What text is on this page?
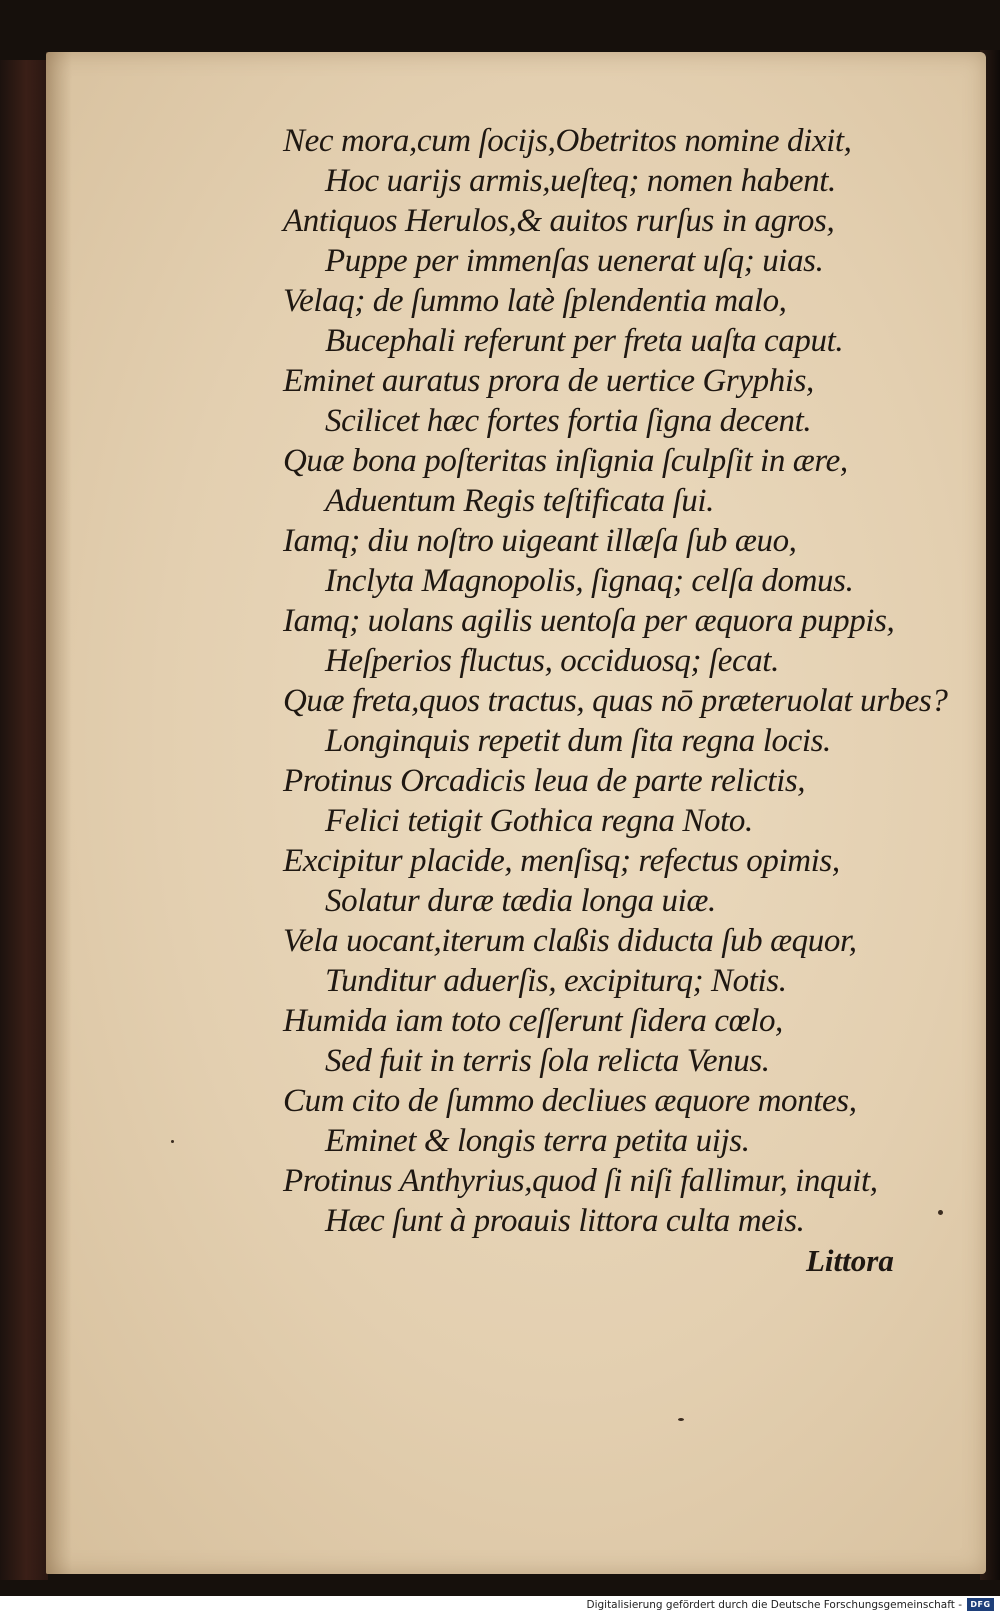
Nec mora,cum ſocijs,Obetritos nomine dixit,
Hoc uarijs armis,ueſteq; nomen habent.
Antiquos Herulos,& auitos rurſus in agros,
Puppe per immenſas uenerat uſq; uias.
Velaq; de ſummo latè ſplendentia malo,
Bucephali referunt per freta uaſta caput.
Eminet auratus prora de uertice Gryphis,
Scilicet hæc fortes fortia ſigna decent.
Quæ bona poſteritas inſignia ſculpſit in ære,
Aduentum Regis teſtificata ſui.
Iamq; diu noſtro uigeant illæſa ſub æuo,
Inclyta Magnopolis, ſignaq; celſa domus.
Iamq; uolans agilis uentoſa per æquora puppis,
Heſperios fluctus, occiduosq; ſecat.
Quæ freta,quos tractus, quas nō præteruolat urbes?
Longinquis repetit dum ſita regna locis.
Protinus Orcadicis leua de parte relictis,
Felici tetigit Gothica regna Noto.
Excipitur placide, menſisq; refectus opimis,
Solatur duræ tædia longa uiæ.
Vela uocant,iterum claßis diducta ſub æquor,
Tunditur aduerſis, excipiturq; Notis.
Humida iam toto ceſſerunt ſidera cœlo,
Sed fuit in terris ſola relicta Venus.
Cum cito de ſummo decliues æquore montes,
Eminet & longis terra petita uijs.
Protinus Anthyrius,quod ſi niſi fallimur, inquit,
Hæc ſunt à proauis littora culta meis.
Littora
Digitalisierung gefördert durch die Deutsche Forschungsgemeinschaft -	DFG
